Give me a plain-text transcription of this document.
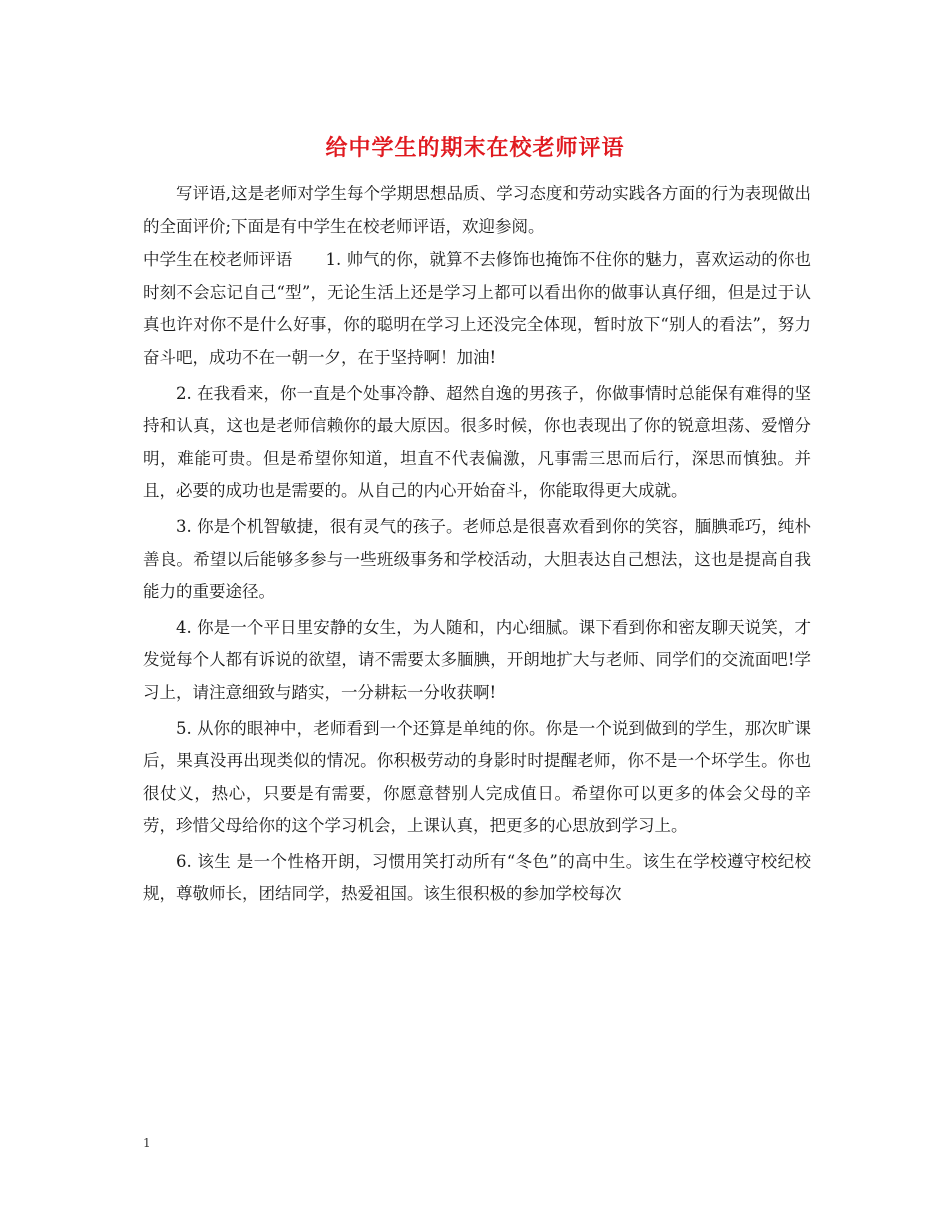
给中学生的期末在校老师评语

写评语,这是老师对学生每个学期思想品质、学习态度和劳动实践各方面的行为表现做出的全面评价;下面是有中学生在校老师评语，欢迎参阅。

中学生在校老师评语　　1. 帅气的你，就算不去修饰也掩饰不住你的魅力，喜欢运动的你也时刻不会忘记自己“型”，无论生活上还是学习上都可以看出你的做事认真仔细，但是过于认真也许对你不是什么好事，你的聪明在学习上还没完全体现，暂时放下“别人的看法”，努力奋斗吧，成功不在一朝一夕，在于坚持啊！加油!

2. 在我看来，你一直是个处事冷静、超然自逸的男孩子，你做事情时总能保有难得的坚持和认真，这也是老师信赖你的最大原因。很多时候，你也表现出了你的锐意坦荡、爱憎分明，难能可贵。但是希望你知道，坦直不代表偏激，凡事需三思而后行，深思而慎独。并且，必要的成功也是需要的。从自己的内心开始奋斗，你能取得更大成就。

3. 你是个机智敏捷，很有灵气的孩子。老师总是很喜欢看到你的笑容，腼腆乖巧，纯朴善良。希望以后能够多参与一些班级事务和学校活动，大胆表达自己想法，这也是提高自我能力的重要途径。

4. 你是一个平日里安静的女生，为人随和，内心细腻。课下看到你和密友聊天说笑，才发觉每个人都有诉说的欲望，请不需要太多腼腆，开朗地扩大与老师、同学们的交流面吧!学习上，请注意细致与踏实，一分耕耘一分收获啊!

5. 从你的眼神中，老师看到一个还算是单纯的你。你是一个说到做到的学生，那次旷课后，果真没再出现类似的情况。你积极劳动的身影时时提醒老师，你不是一个坏学生。你也很仗义，热心，只要是有需要，你愿意替别人完成值日。希望你可以更多的体会父母的辛劳，珍惜父母给你的这个学习机会，上课认真，把更多的心思放到学习上。

6. 该生 是一个性格开朗，习惯用笑打动所有“冬色”的高中生。该生在学校遵守校纪校规，尊敬师长，团结同学，热爱祖国。该生很积极的参加学校每次

1
